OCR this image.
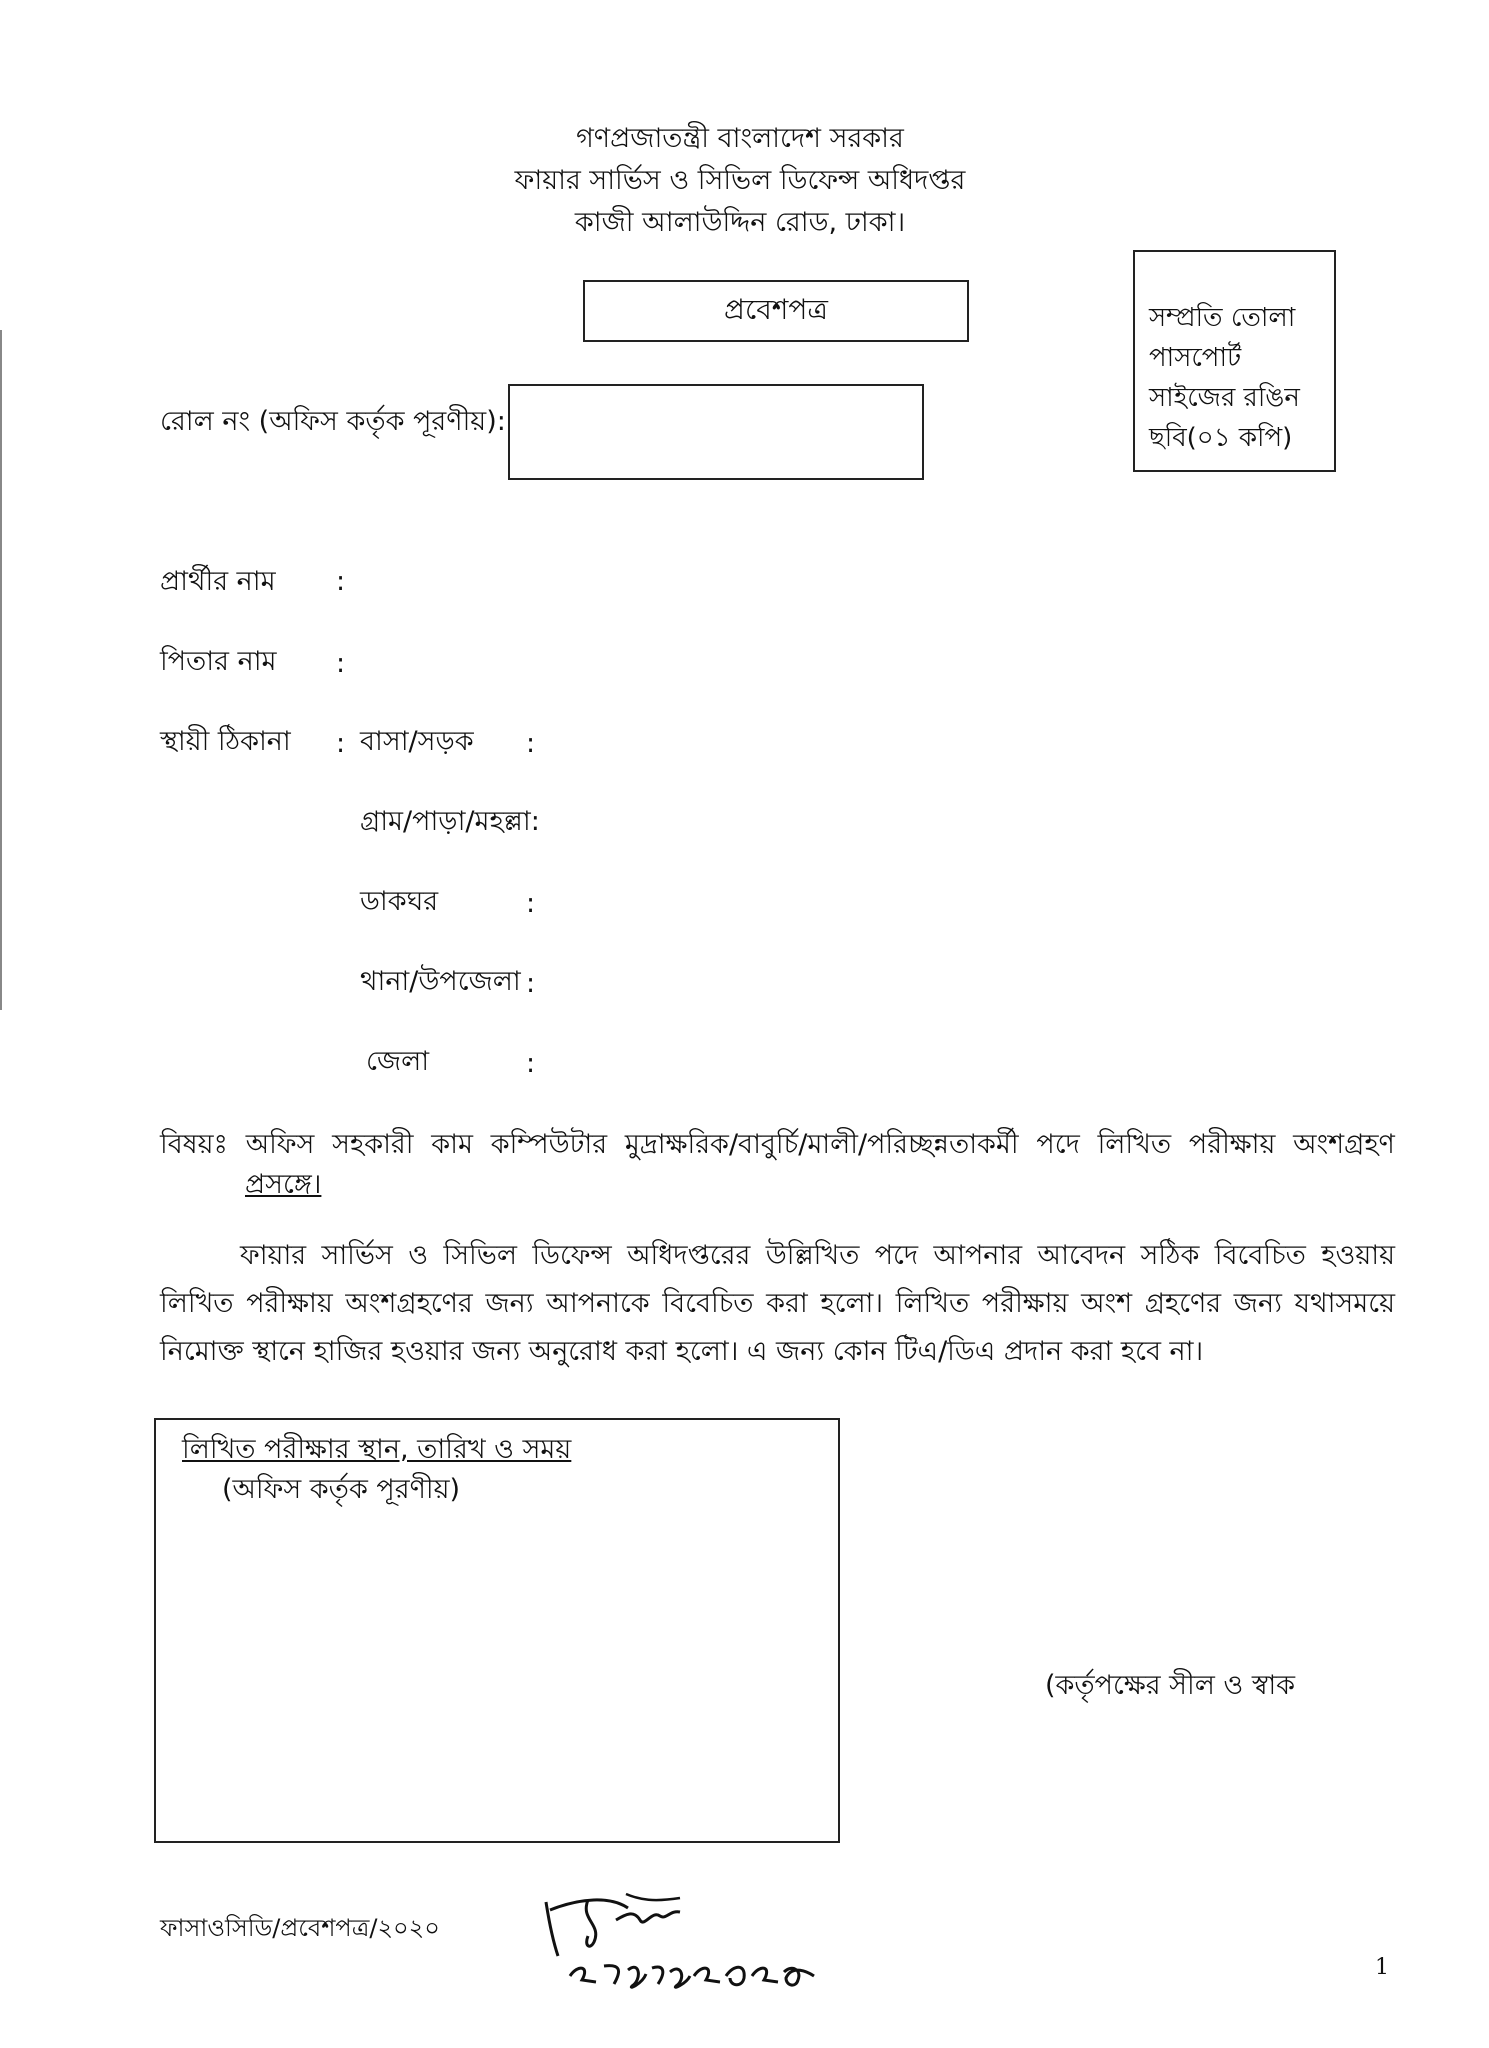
গণপ্রজাতন্ত্রী বাংলাদেশ সরকার
ফায়ার সার্ভিস ও সিভিল ডিফেন্স অধিদপ্তর
কাজী আলাউদ্দিন রোড, ঢাকা।
প্রবেশপত্র	সম্প্রতি তোলা
পাসপোর্ট
সাইজের রঙিন
ছবি(০১ কপি)
রোল নং (অফিস কর্তৃক পূরণীয়):
প্রার্থীর নাম :
পিতার নাম :
স্থায়ী ঠিকানা : বাসা/সড়ক :
গ্রাম/পাড়া/মহল্লা:
ডাকঘর	:
থানা/উপজেলা :
জেলা	:
বিষয়ঃ অফিস সহকারী কাম কম্পিউটার মুদ্রাক্ষরিক/বাবুর্চি/মালী/পরিচ্ছন্নতাকর্মী পদে লিখিত পরীক্ষায় অংশগ্রহণ
প্রসঙ্গে।
ফায়ার সার্ভিস ও সিভিল ডিফেন্স অধিদপ্তরের উল্লিখিত পদে আপনার আবেদন সঠিক বিবেচিত হওয়ায় লিখিত পরীক্ষায় অংশগ্রহণের জন্য আপনাকে বিবেচিত করা হলো। লিখিত পরীক্ষায় অংশ গ্রহণের জন্য যথাসময়ে নিমোক্ত স্থানে হাজির হওয়ার জন্য অনুরোধ করা হলো। এ জন্য কোন টিএ/ডিএ প্রদান করা হবে না।
লিখিত পরীক্ষার স্থান, তারিখ ও সময়
(অফিস কর্তৃক পূরণীয়)
(কর্তৃপক্ষের সীল ও স্বাক
ফাসাওসিডি/প্রবেশপত্র/২০২০
1
